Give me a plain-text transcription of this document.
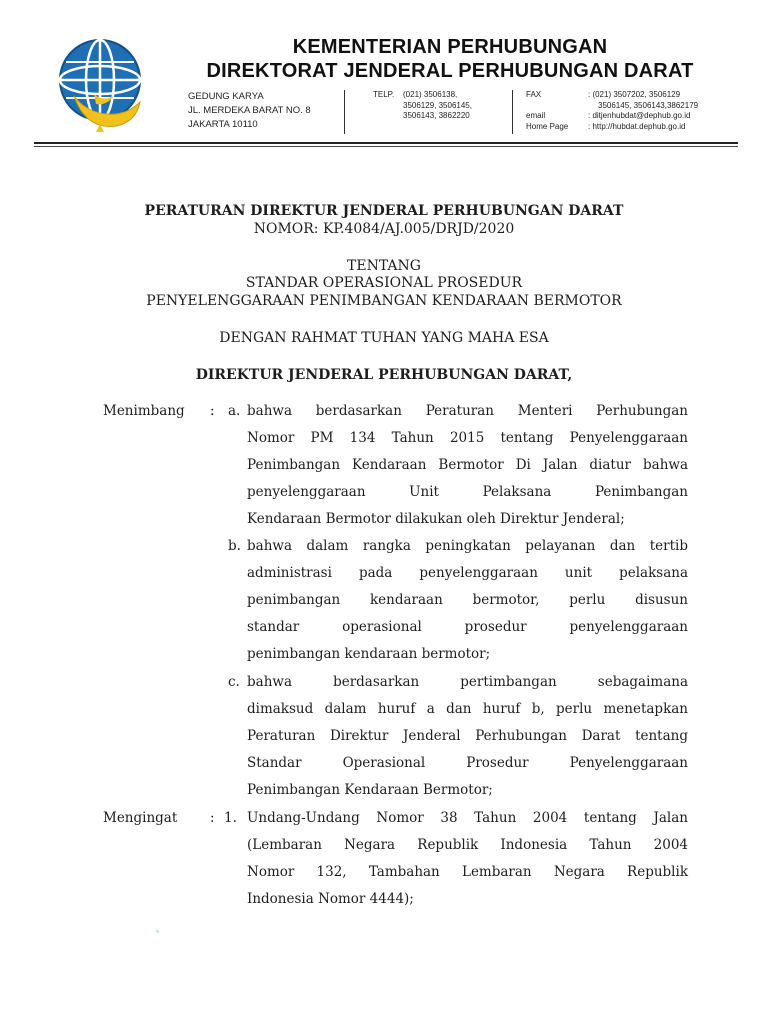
KEMENTERIAN PERHUBUNGAN
DIREKTORAT JENDERAL PERHUBUNGAN DARAT
GEDUNG KARYA
JL. MERDEKA BARAT NO. 8
JAKARTA 10110
TELP. (021) 3506138,
3506129, 3506145,
3506143, 3862220
FAX	: (021) 3507202, 3506129
3506145, 3506143,3862179
email	: ditjenhubdat@dephub.go.id
Home Page : http://hubdat.dephub.go.id
PERATURAN DIREKTUR JENDERAL PERHUBUNGAN DARAT
NOMOR: KP.4084/AJ.005/DRJD/2020
TENTANG
STANDAR OPERASIONAL PROSEDUR
PENYELENGGARAAN PENIMBANGAN KENDARAAN BERMOTOR
DENGAN RAHMAT TUHAN YANG MAHA ESA
DIREKTUR JENDERAL PERHUBUNGAN DARAT,
Menimbang : a. bahwa berdasarkan Peraturan Menteri Perhubungan
Nomor PM 134 Tahun 2015 tentang Penyelenggaraan
Penimbangan Kendaraan Bermotor Di Jalan diatur bahwa
penyelenggaraan Unit Pelaksana Penimbangan
Kendaraan Bermotor dilakukan oleh Direktur Jenderal;
b. bahwa dalam rangka peningkatan pelayanan dan tertib
administrasi pada penyelenggaraan unit pelaksana
penimbangan kendaraan bermotor, perlu disusun
standar operasional prosedur penyelenggaraan
penimbangan kendaraan bermotor;
c. bahwa berdasarkan pertimbangan sebagaimana
dimaksud dalam huruf a dan huruf b, perlu menetapkan
Peraturan Direktur Jenderal Perhubungan Darat tentang
Standar Operasional Prosedur Penyelenggaraan
Penimbangan Kendaraan Bermotor;
Mengingat : 1. Undang-Undang Nomor 38 Tahun 2004 tentang Jalan
(Lembaran Negara Republik Indonesia Tahun 2004
Nomor 132, Tambahan Lembaran Negara Republik
Indonesia Nomor 4444);
